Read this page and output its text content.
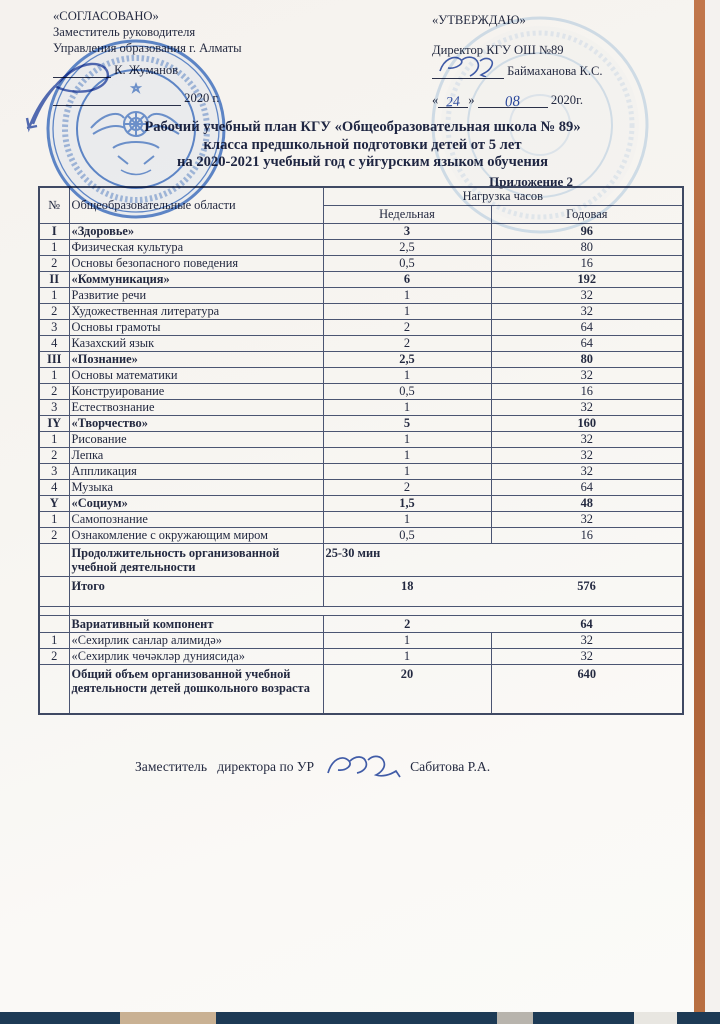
«СОГЛАСОВАНО»
Заместитель руководителя
Управления образования г. Алматы
К. Жуманов
2020 г.
«УТВЕРЖДАЮ»
Директор КГУ ОШ №89

Баймаханова К.С.
« 24 » 08 2020г.
Рабочий учебный план КГУ «Общеобразовательная школа № 89»
класса предшкольной подготовки детей от 5 лет
на 2020-2021 учебный год с уйгурским языком обучения
Приложение 2
№	Общеобразовательные области	Нагрузка часов	
		Недельная	Годовая
I	«Здоровье»	3	96
1	Физическая культура	2,5	80
2	Основы безопасного поведения	0,5	16
II	«Коммуникация»	6	192
1	Развитие речи	1	32
2	Художественная литература	1	32
3	Основы грамоты	2	64
4	Казахский язык	2	64
III	«Познание»	2,5	80
1	Основы математики	1	32
2	Конструирование	0,5	16
3	Естествознание	1	32
IY	«Творчество»	5	160
1	Рисование	1	32
2	Лепка	1	32
3	Аппликация	1	32
4	Музыка	2	64
Y	«Социум»	1,5	48
1	Самопознание	1	32
2	Ознакомление с окружающим миром	0,5	16
	Продолжительность организованной учебной деятельности	25-30 мин	
	Итого	18	576

	Вариативный компонент	2	64
1	«Сехирлик санлар алимидә»	1	32
2	«Сехирлик чөчәкләр дуниясида»	1	32
	Общий объем организованной учебной деятельности детей дошкольного возраста	20	640
Заместитель   директора по УР	Сабитова Р.А.
